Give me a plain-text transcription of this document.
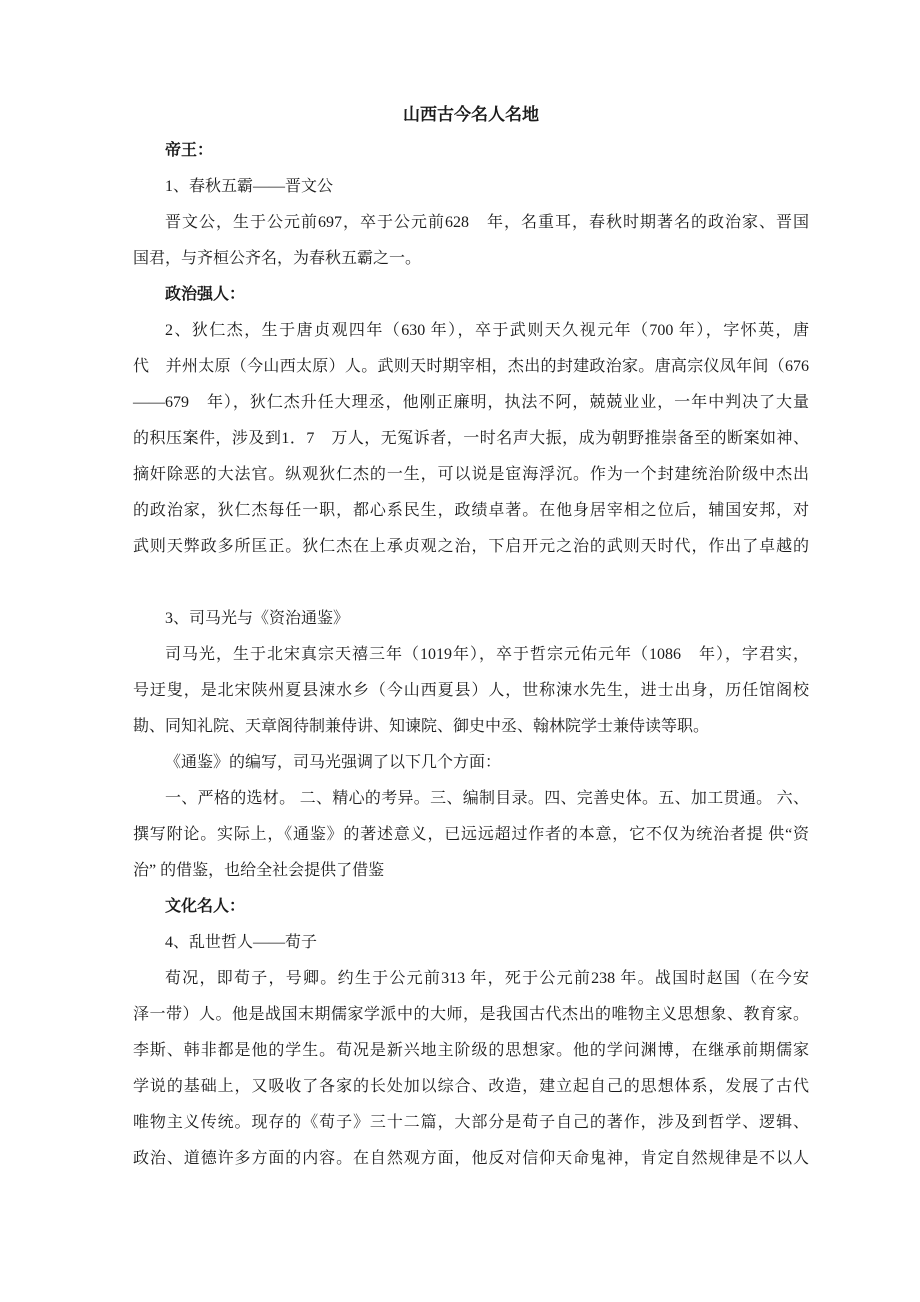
山西古今名人名地
帝王：
1、春秋五霸——晋文公
晋文公，生于公元前697，卒于公元前628　年，名重耳，春秋时期著名的政治家、晋国
国君，与齐桓公齐名，为春秋五霸之一。
政治强人：
2、狄仁杰，生于唐贞观四年（630 年），卒于武则天久视元年（700 年），字怀英，唐
代　并州太原（今山西太原）人。武则天时期宰相，杰出的封建政治家。唐高宗仪凤年间（676
——679　年），狄仁杰升任大理丞，他刚正廉明，执法不阿，兢兢业业，一年中判决了大量
的积压案件，涉及到1．7　万人，无冤诉者，一时名声大振，成为朝野推崇备至的断案如神、
摘奸除恶的大法官。纵观狄仁杰的一生，可以说是宦海浮沉。作为一个封建统治阶级中杰出
的政治家，狄仁杰每任一职，都心系民生，政绩卓著。在他身居宰相之位后，辅国安邦，对
武则天弊政多所匡正。狄仁杰在上承贞观之治，下启开元之治的武则天时代，作出了卓越的
3、司马光与《资治通鉴》
司马光，生于北宋真宗天禧三年（1019年），卒于哲宗元佑元年（1086　年），字君实，
号迂叟，是北宋陕州夏县涑水乡（今山西夏县）人，世称涑水先生，进士出身，历任馆阁校
勘、同知礼院、天章阁待制兼侍讲、知谏院、御史中丞、翰林院学士兼侍读等职。
《通鉴》的编写，司马光强调了以下几个方面：
一、严格的选材。 二、精心的考异。三、编制目录。四、完善史体。五、加工贯通。 六、
撰写附论。实际上，《通鉴》的著述意义，已远远超过作者的本意，它不仅为统治者提 供“资
治” 的借鉴，也给全社会提供了借鉴
文化名人：
4、乱世哲人——荀子
荀况，即荀子，号卿。约生于公元前313 年，死于公元前238 年。战国时赵国（在今安
泽一带）人。他是战国末期儒家学派中的大师，是我国古代杰出的唯物主义思想象、教育家。
李斯、韩非都是他的学生。荀况是新兴地主阶级的思想家。他的学问渊博，在继承前期儒家
学说的基础上，又吸收了各家的长处加以综合、改造，建立起自己的思想体系，发展了古代
唯物主义传统。现存的《荀子》三十二篇，大部分是荀子自己的著作，涉及到哲学、逻辑、
政治、道德许多方面的内容。在自然观方面，他反对信仰天命鬼神，肯定自然规律是不以人
